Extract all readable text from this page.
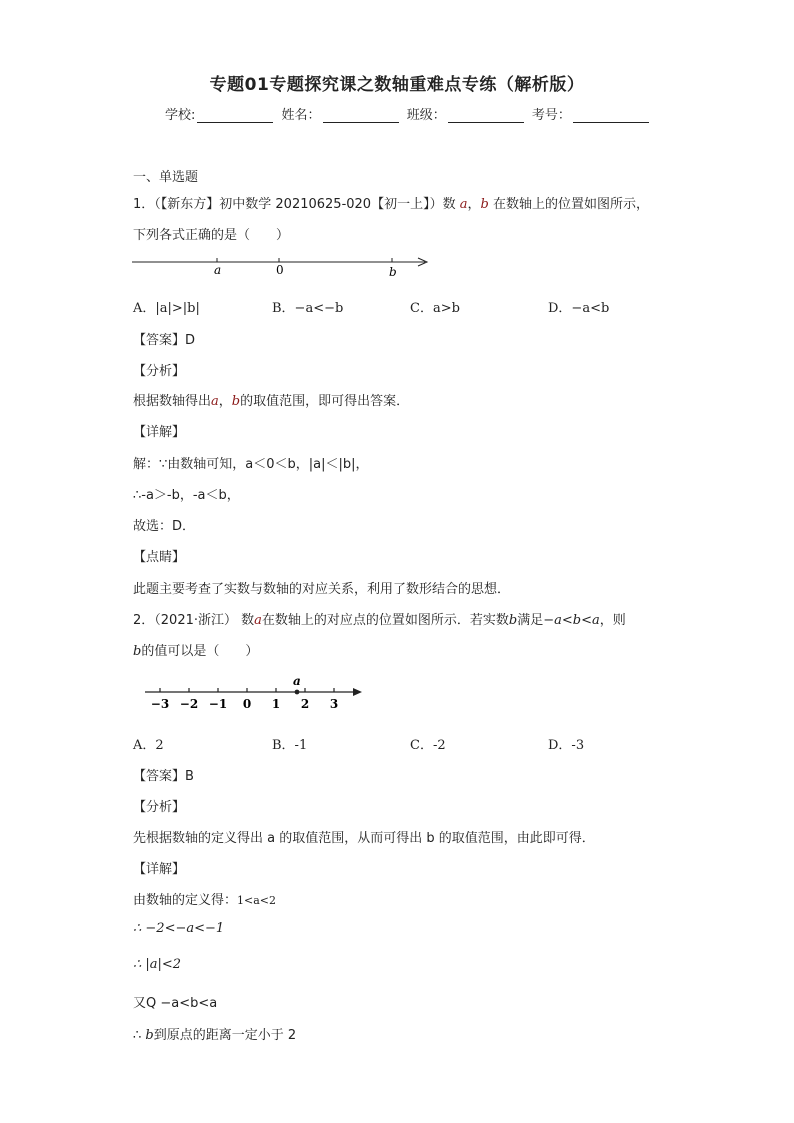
专题01专题探究课之数轴重难点专练（解析版）
学校:	姓名：	班级：	考号：
一、单选题
1．（【新东方】初中数学 20210625-020【初一上】）数 a，b 在数轴上的位置如图所示，
下列各式正确的是（　　）
a	0	b
A．|a|>|b|	B．−a<−b	C．a>b	D．−a<b
【答案】D
【分析】
根据数轴得出a，b的取值范围，即可得出答案．
【详解】
解：∵由数轴可知，a＜0＜b，|a|＜|b|，
∴-a＞-b，-a＜b，
故选：D．
【点睛】
此题主要考查了实数与数轴的对应关系，利用了数形结合的思想．
2．（2021·浙江） 数a在数轴上的对应点的位置如图所示．若实数b满足−a<b<a，则
b的值可以是（　　）
−3 −2 −1 0 1 2 3
a
A．2	B．-1	C．-2	D．-3
【答案】B
【分析】
先根据数轴的定义得出 a 的取值范围，从而可得出 b 的取值范围，由此即可得．
【详解】
由数轴的定义得：1<a<2
∴ −2<−a<−1
∴ |a|<2
又Q −a<b<a
∴ b到原点的距离一定小于 2
